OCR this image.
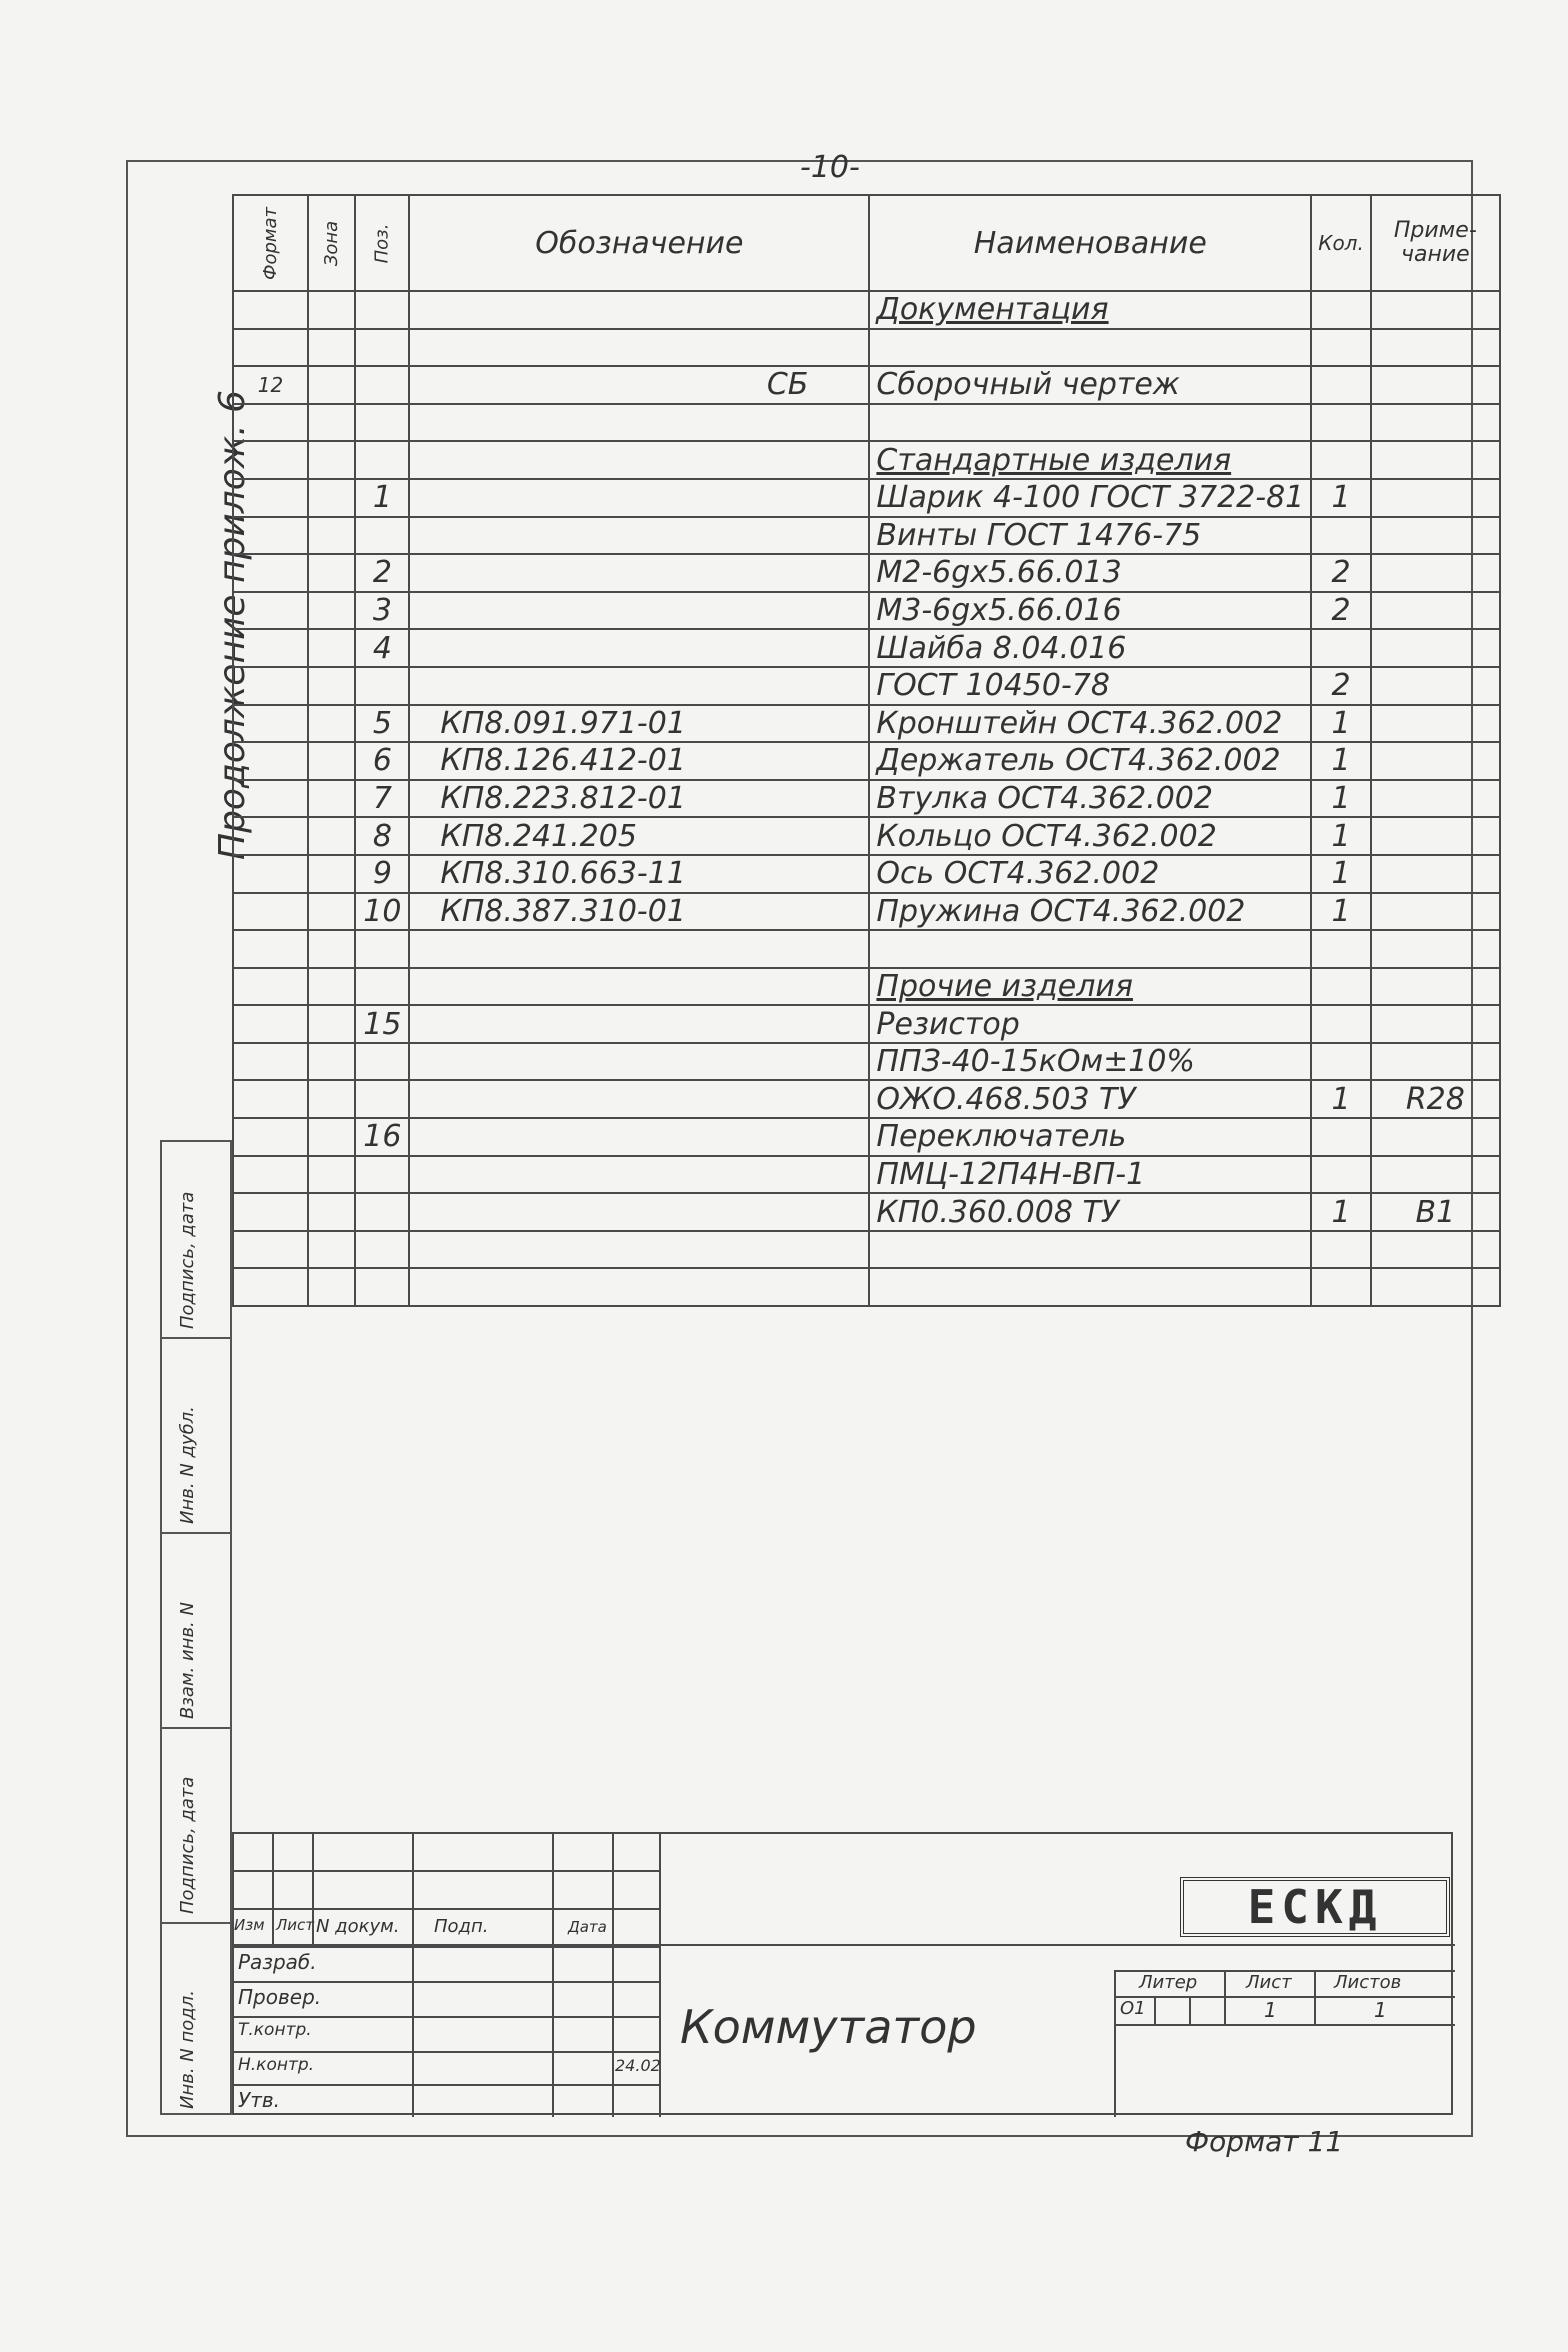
-10-
Продолжение прилож. 6
Формат	Зона	Поз.	Обозначение	Наименование	Кол.	Приме- чание
				Документация		

12			СБ	Сборочный чертеж		

				Стандартные изделия		
		1		Шарик 4-100 ГОСТ 3722-81	1	
				Винты ГОСТ 1476-75		
		2		М2-6gх5.66.013	2	
		3		М3-6gх5.66.016	2	
		4		Шайба 8.04.016		
				ГОСТ 10450-78	2	
		5	КП8.091.971-01	Кронштейн ОСТ4.362.002	1	
		6	КП8.126.412-01	Держатель ОСТ4.362.002	1	
		7	КП8.223.812-01	Втулка ОСТ4.362.002	1	
		8	КП8.241.205	Кольцо ОСТ4.362.002	1	
		9	КП8.310.663-11	Ось ОСТ4.362.002	1	
		10	КП8.387.310-01	Пружина ОСТ4.362.002	1	

				Прочие изделия		
		15		Резистор		
				ППЗ-40-15кОм±10%		
				ОЖО.468.503 ТУ	1	R28
		16		Переключатель		
				ПМЦ-12П4Н-ВП-1		
				КП0.360.008 ТУ	1	В1

Подпись, дата
Инв. N дубл.
Взам. инв. N
Подпись, дата
Инв. N подл.
Изм Лист N докум. Подп.	Дата
Разраб.
Провер.
Т.контр.
Н.контр.
Утв.
24.02
Литер	Лист Листов
О1	1	1
ЕСКД
Коммутатор
Формат 11
